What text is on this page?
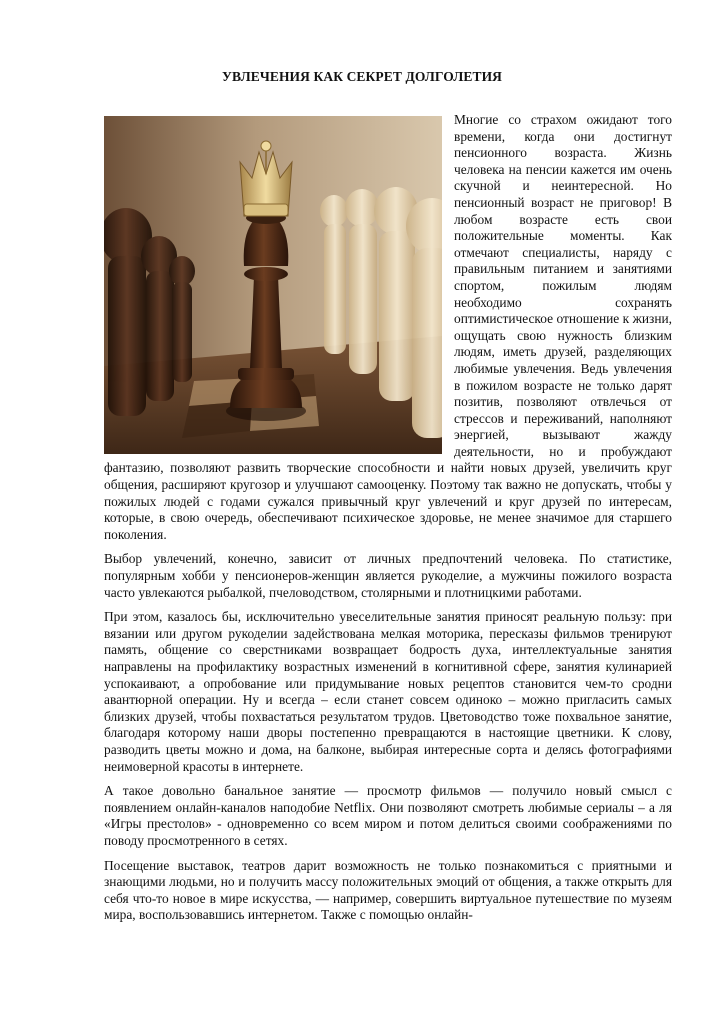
УВЛЕЧЕНИЯ КАК СЕКРЕТ ДОЛГОЛЕТИЯ

Многие со страхом ожидают того времени, когда они достигнут пенсионного возраста. Жизнь человека на пенсии кажется им очень скучной и неинтересной. Но пенсионный возраст не приговор! В любом возрасте есть свои положительные моменты. Как отмечают специалисты, наряду с правильным питанием и занятиями спортом, пожилым людям необходимо сохранять оптимистическое отношение к жизни, ощущать свою нужность близким людям, иметь друзей, разделяющих любимые увлечения. Ведь увлечения в пожилом возрасте не только дарят позитив, позволяют отвлечься от стрессов и переживаний, наполняют энергией, вызывают жажду деятельности, но и пробуждают фантазию, позволяют развить творческие способности и найти новых друзей, увеличить круг общения, расширяют кругозор и улучшают самооценку. Поэтому так важно не допускать, чтобы у пожилых людей с годами сужался привычный круг увлечений и круг друзей по интересам, которые, в свою очередь, обеспечивают психическое здоровье, не менее значимое для старшего поколения.

Выбор увлечений, конечно, зависит от личных предпочтений человека. По статистике, популярным хобби у пенсионеров-женщин является рукоделие, а мужчины пожилого возраста часто увлекаются рыбалкой, пчеловодством, столярными и плотницкими работами.

При этом, казалось бы, исключительно увеселительные занятия приносят реальную пользу: при вязании или другом рукоделии задействована мелкая моторика, пересказы фильмов тренируют память, общение со сверстниками возвращает бодрость духа, интеллектуальные занятия направлены на профилактику возрастных изменений в когнитивной сфере, занятия кулинарией успокаивают, а опробование или придумывание новых рецептов становится чем-то сродни авантюрной операции. Ну и всегда – если станет совсем одиноко – можно пригласить самых близких друзей, чтобы похвастаться результатом трудов. Цветоводство тоже похвальное занятие, благодаря которому наши дворы постепенно превращаются в настоящие цветники. К слову, разводить цветы можно и дома, на балконе, выбирая интересные сорта и делясь фотографиями неимоверной красоты в интернете.

А такое довольно банальное занятие — просмотр фильмов — получило новый смысл с появлением онлайн-каналов наподобие Netflix. Они позволяют смотреть любимые сериалы – а ля «Игры престолов» - одновременно со всем миром и потом делиться своими соображениями по поводу просмотренного в сетях.

Посещение выставок, театров дарит возможность не только познакомиться с приятными и знающими людьми, но и получить массу положительных эмоций от общения, а также открыть для себя что-то новое в мире искусства, — например, совершить виртуальное путешествие по музеям мира, воспользовавшись интернетом. Также с помощью онлайн-
